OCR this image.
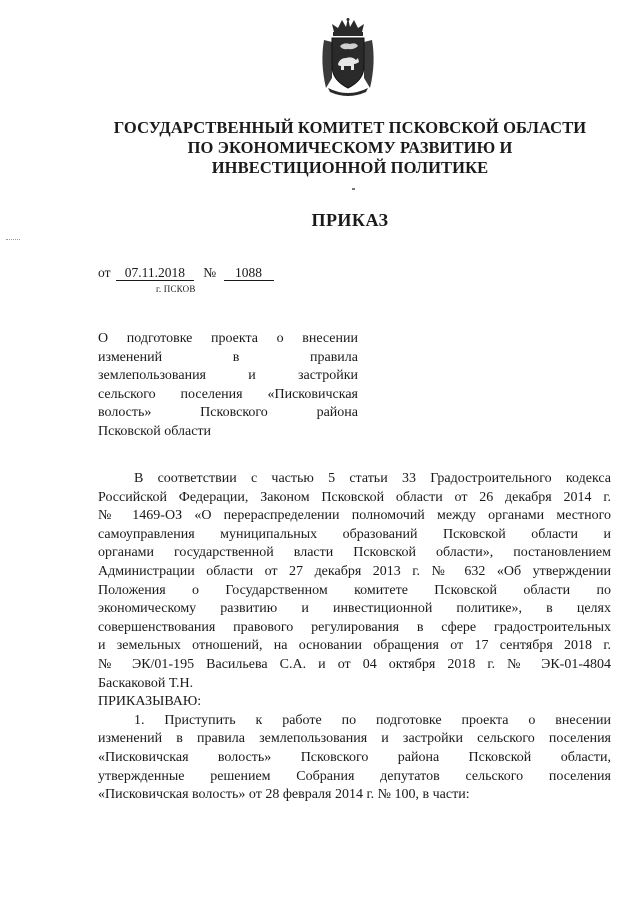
ГОСУДАРСТВЕННЫЙ КОМИТЕТ ПСКОВСКОЙ ОБЛАСТИ
ПО ЭКОНОМИЧЕСКОМУ РАЗВИТИЮ И
ИНВЕСТИЦИОННОЙ ПОЛИТИКЕ
ПРИКАЗ
от 07.11.2018 № 1088
г. ПСКОВ
О подготовке проекта о внесении
изменений в правила
землепользования и застройки
сельского поселения «Писковичская
волость» Псковского района
Псковской области
В соответствии с частью 5 статьи 33 Градостроительного кодекса
Российской Федерации, Законом Псковской области от 26 декабря 2014 г.
№ 1469-ОЗ «О перераспределении полномочий между органами местного
самоуправления муниципальных образований Псковской области и
органами государственной власти Псковской области», постановлением
Администрации области от 27 декабря 2013 г. № 632 «Об утверждении
Положения о Государственном комитете Псковской области по
экономическому развитию и инвестиционной политике», в целях
совершенствования правового регулирования в сфере градостроительных
и земельных отношений, на основании обращения от 17 сентября 2018 г.
№ ЭК/01-195 Васильева С.А. и от 04 октября 2018 г. № ЭК-01-4804
Баскаковой Т.Н.
ПРИКАЗЫВАЮ:
1. Приступить к работе по подготовке проекта о внесении
изменений в правила землепользования и застройки сельского поселения
«Писковичская волость» Псковского района Псковской области,
утвержденные решением Собрания депутатов сельского поселения
«Писковичская волость» от 28 февраля 2014 г. № 100, в части:
